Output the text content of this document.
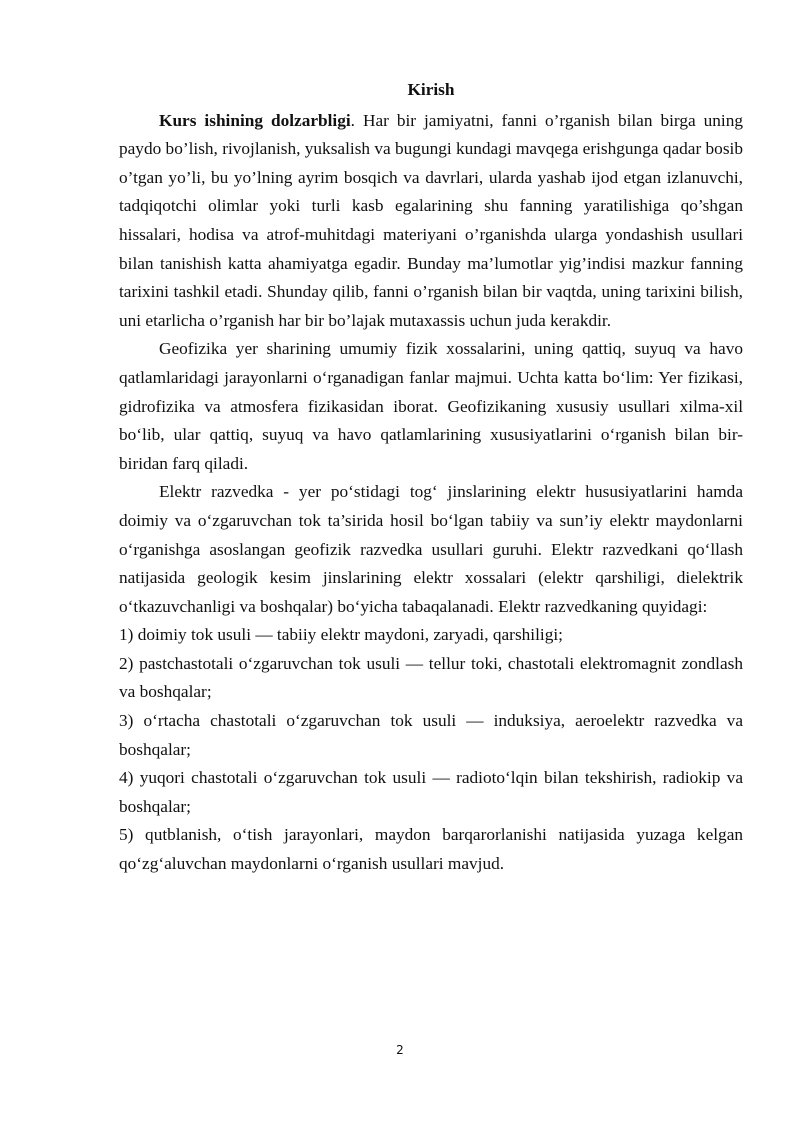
Kirish

Kurs ishining dolzarbligi. Har bir jamiyatni, fanni o’rganish bilan birga uning paydo bo’lish, rivojlanish, yuksalish va bugungi kundagi mavqega erishgunga qadar bosib o’tgan yo’li, bu yo’lning ayrim bosqich va davrlari, ularda yashab ijod etgan izlanuvchi, tadqiqotchi olimlar yoki turli kasb egalarining shu fanning yaratilishiga qo’shgan hissalari, hodisa va atrof-muhitdagi materiyani o’rganishda ularga yondashish usullari bilan tanishish katta ahamiyatga egadir. Bunday ma’lumotlar yig’indisi mazkur fanning tarixini tashkil etadi. Shunday qilib, fanni o’rganish bilan bir vaqtda, uning tarixini bilish, uni etarlicha o’rganish har bir bo’lajak mutaxassis uchun juda kerakdir.

Geofizika yer sharining umumiy fizik xossalarini, uning qattiq, suyuq va havo qatlamlaridagi jarayonlarni o‘rganadigan fanlar majmui. Uchta katta bo‘lim: Yer fizikasi, gidrofizika va atmosfera fizikasidan iborat. Geofizikaning xususiy usullari xilma-xil bo‘lib, ular qattiq, suyuq va havo qatlamlarining xususiyatlarini o‘rganish bilan bir-biridan farq qiladi.

Elektr razvedka - yer po‘stidagi tog‘ jinslarining elektr hususiyatlarini hamda doimiy va o‘zgaruvchan tok ta’sirida hosil bo‘lgan tabiiy va sun’iy elektr maydonlarni o‘rganishga asoslangan geofizik razvedka usullari guruhi. Elektr razvedkani qo‘llash natijasida geologik kesim jinslarining elektr xossalari (elektr qarshiligi, dielektrik o‘tkazuvchanligi va boshqalar) bo‘yicha tabaqalanadi. Elektr razvedkaning quyidagi:

1) doimiy tok usuli — tabiiy elektr maydoni, zaryadi, qarshiligi;

2) pastchastotali o‘zgaruvchan tok usuli — tellur toki, chastotali elektromagnit zondlash va boshqalar;

3) o‘rtacha chastotali o‘zgaruvchan tok usuli — induksiya, aeroelektr razvedka va boshqalar;

4) yuqori chastotali o‘zgaruvchan tok usuli — radioto‘lqin bilan tekshirish, radiokip va boshqalar;

5) qutblanish, o‘tish jarayonlari, maydon barqarorlanishi natijasida yuzaga kelgan qo‘zg‘aluvchan maydonlarni o‘rganish usullari mavjud.

2
